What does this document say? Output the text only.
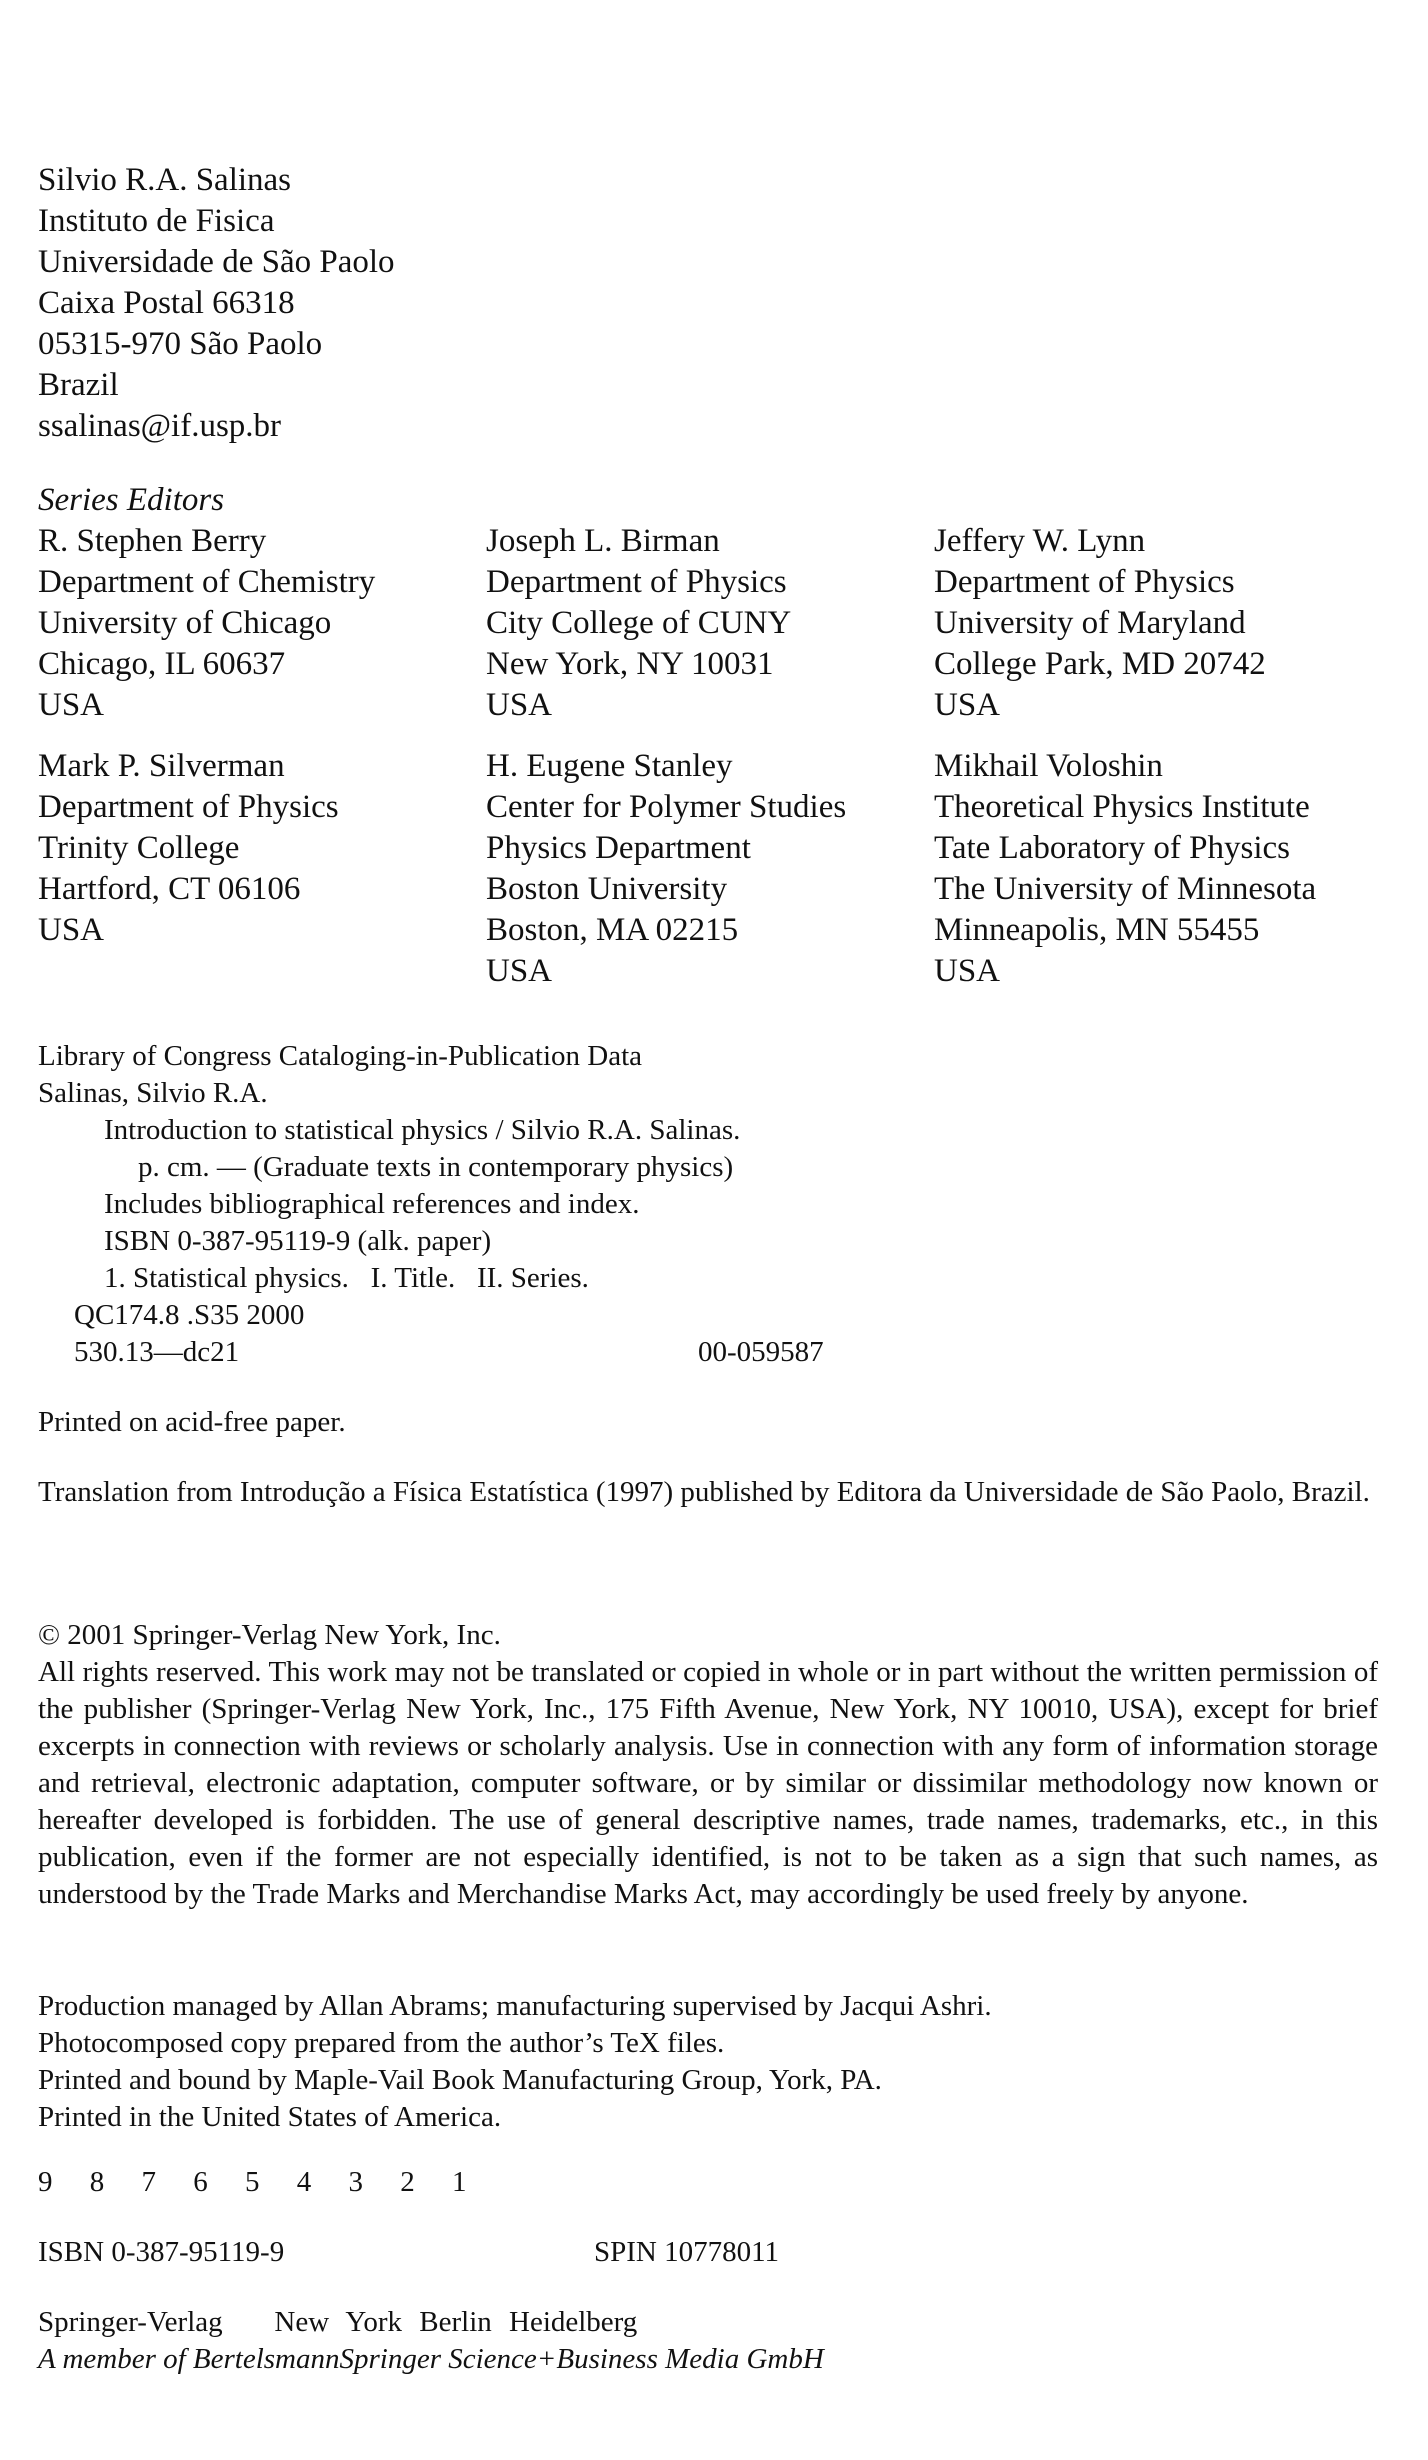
Silvio R.A. Salinas
Instituto de Fisica
Universidade de São Paolo
Caixa Postal 66318
05315-970 São Paolo
Brazil
ssalinas@if.usp.br
Series Editors
R. Stephen Berry
Department of Chemistry
University of Chicago
Chicago, IL 60637
USA
Joseph L. Birman
Department of Physics
City College of CUNY
New York, NY 10031
USA
Jeffery W. Lynn
Department of Physics
University of Maryland
College Park, MD 20742
USA
Mark P. Silverman
Department of Physics
Trinity College
Hartford, CT 06106
USA
H. Eugene Stanley
Center for Polymer Studies
Physics Department
Boston University
Boston, MA 02215
USA
Mikhail Voloshin
Theoretical Physics Institute
Tate Laboratory of Physics
The University of Minnesota
Minneapolis, MN 55455
USA
Library of Congress Cataloging-in-Publication Data
Salinas, Silvio R.A.
Introduction to statistical physics / Silvio R.A. Salinas.
p. cm. — (Graduate texts in contemporary physics)
Includes bibliographical references and index.
ISBN 0-387-95119-9 (alk. paper)
1. Statistical physics.   I. Title.   II. Series.
QC174.8 .S35 2000
530.13—dc21	00-059587
Printed on acid-free paper.
Translation from Introdução a Física Estatística (1997) published by Editora da Universidade de São Paolo, Brazil.
© 2001 Springer-Verlag New York, Inc.
All rights reserved. This work may not be translated or copied in whole or in part without the written permission of the publisher (Springer-Verlag New York, Inc., 175 Fifth Avenue, New York, NY 10010, USA), except for brief excerpts in connection with reviews or scholarly analysis. Use in connection with any form of information storage and retrieval, electronic adaptation, computer software, or by similar or dissimilar methodology now known or hereafter developed is forbidden. The use of general descriptive names, trade names, trademarks, etc., in this publication, even if the former are not especially identified, is not to be taken as a sign that such names, as understood by the Trade Marks and Merchandise Marks Act, may accordingly be used freely by anyone.
Production managed by Allan Abrams; manufacturing supervised by Jacqui Ashri.
Photocomposed copy prepared from the author’s TeX files.
Printed and bound by Maple-Vail Book Manufacturing Group, York, PA.
Printed in the United States of America.
9 8 7 6 5 4 3 2 1
ISBN 0-387-95119-9	SPIN 10778011
Springer-Verlag   New York Berlin Heidelberg
A member of BertelsmannSpringer Science+Business Media GmbH
